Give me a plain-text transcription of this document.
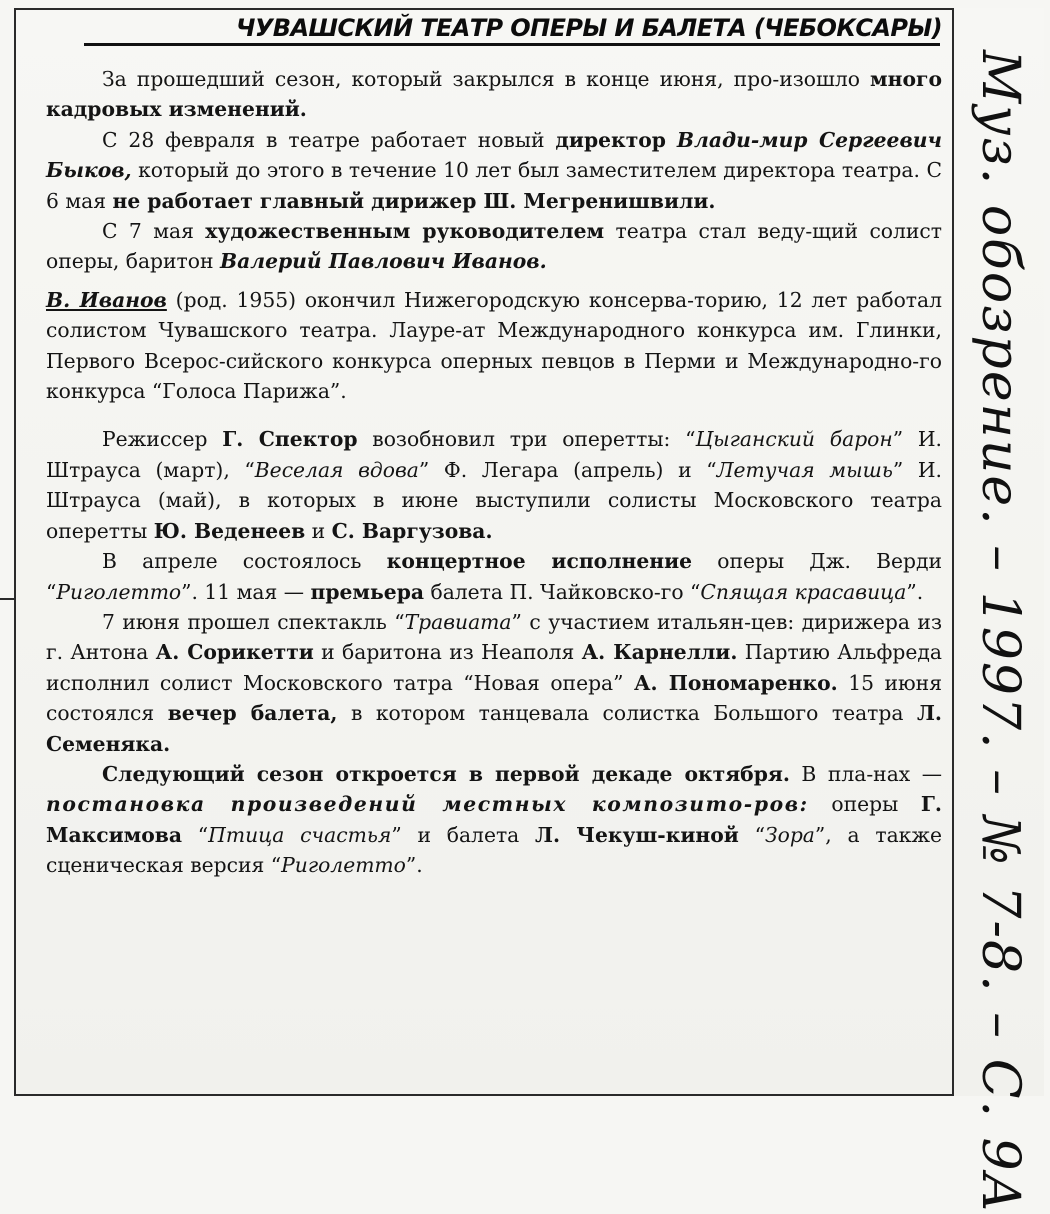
ЧУВАШСКИЙ ТЕАТР ОПЕРЫ И БАЛЕТА (ЧЕБОКСАРЫ)

За прошедший сезон, который закрылся в конце июня, про-изошло много кадровых изменений.

С 28 февраля в театре работает новый директор Влади-мир Сергеевич Быков, который до этого в течение 10 лет был заместителем директора театра. С 6 мая не работает главный дирижер Ш. Мегренишвили.

С 7 мая художественным руководителем театра стал веду-щий солист оперы, баритон Валерий Павлович Иванов.

В. Иванов (род. 1955) окончил Нижегородскую консерва-торию, 12 лет работал солистом Чувашского театра. Лауре-ат Международного конкурса им. Глинки, Первого Всерос-сийского конкурса оперных певцов в Перми и Международно-го конкурса “Голоса Парижа”.

Режиссер Г. Спектор возобновил три оперетты: “Цыганский барон” И. Штрауса (март), “Веселая вдова” Ф. Легара (апрель) и “Летучая мышь” И. Штрауса (май), в которых в июне выступили солисты Московского театра оперетты Ю. Веденеев и С. Варгузова.

В апреле состоялось концертное исполнение оперы Дж. Верди “Риголетто”. 11 мая — премьера балета П. Чайковско-го “Спящая красавица”.

7 июня прошел спектакль “Травиата” с участием итальян-цев: дирижера из г. Антона А. Сорикетти и баритона из Неаполя А. Карнелли. Партию Альфреда исполнил солист Московского татра “Новая опера” А. Пономаренко. 15 июня состоялся вечер балета, в котором танцевала солистка Большого театра Л. Семеняка.

Следующий сезон откроется в первой декаде октября. В пла-нах — постановка произведений местных композито-ров: оперы Г. Максимова “Птица счастья” и балета Л. Чекуш-киной “Зора”, а также сценическая версия “Риголетто”.	Муз. обозрение. – 1997. – № 7-8. – С. 9А
